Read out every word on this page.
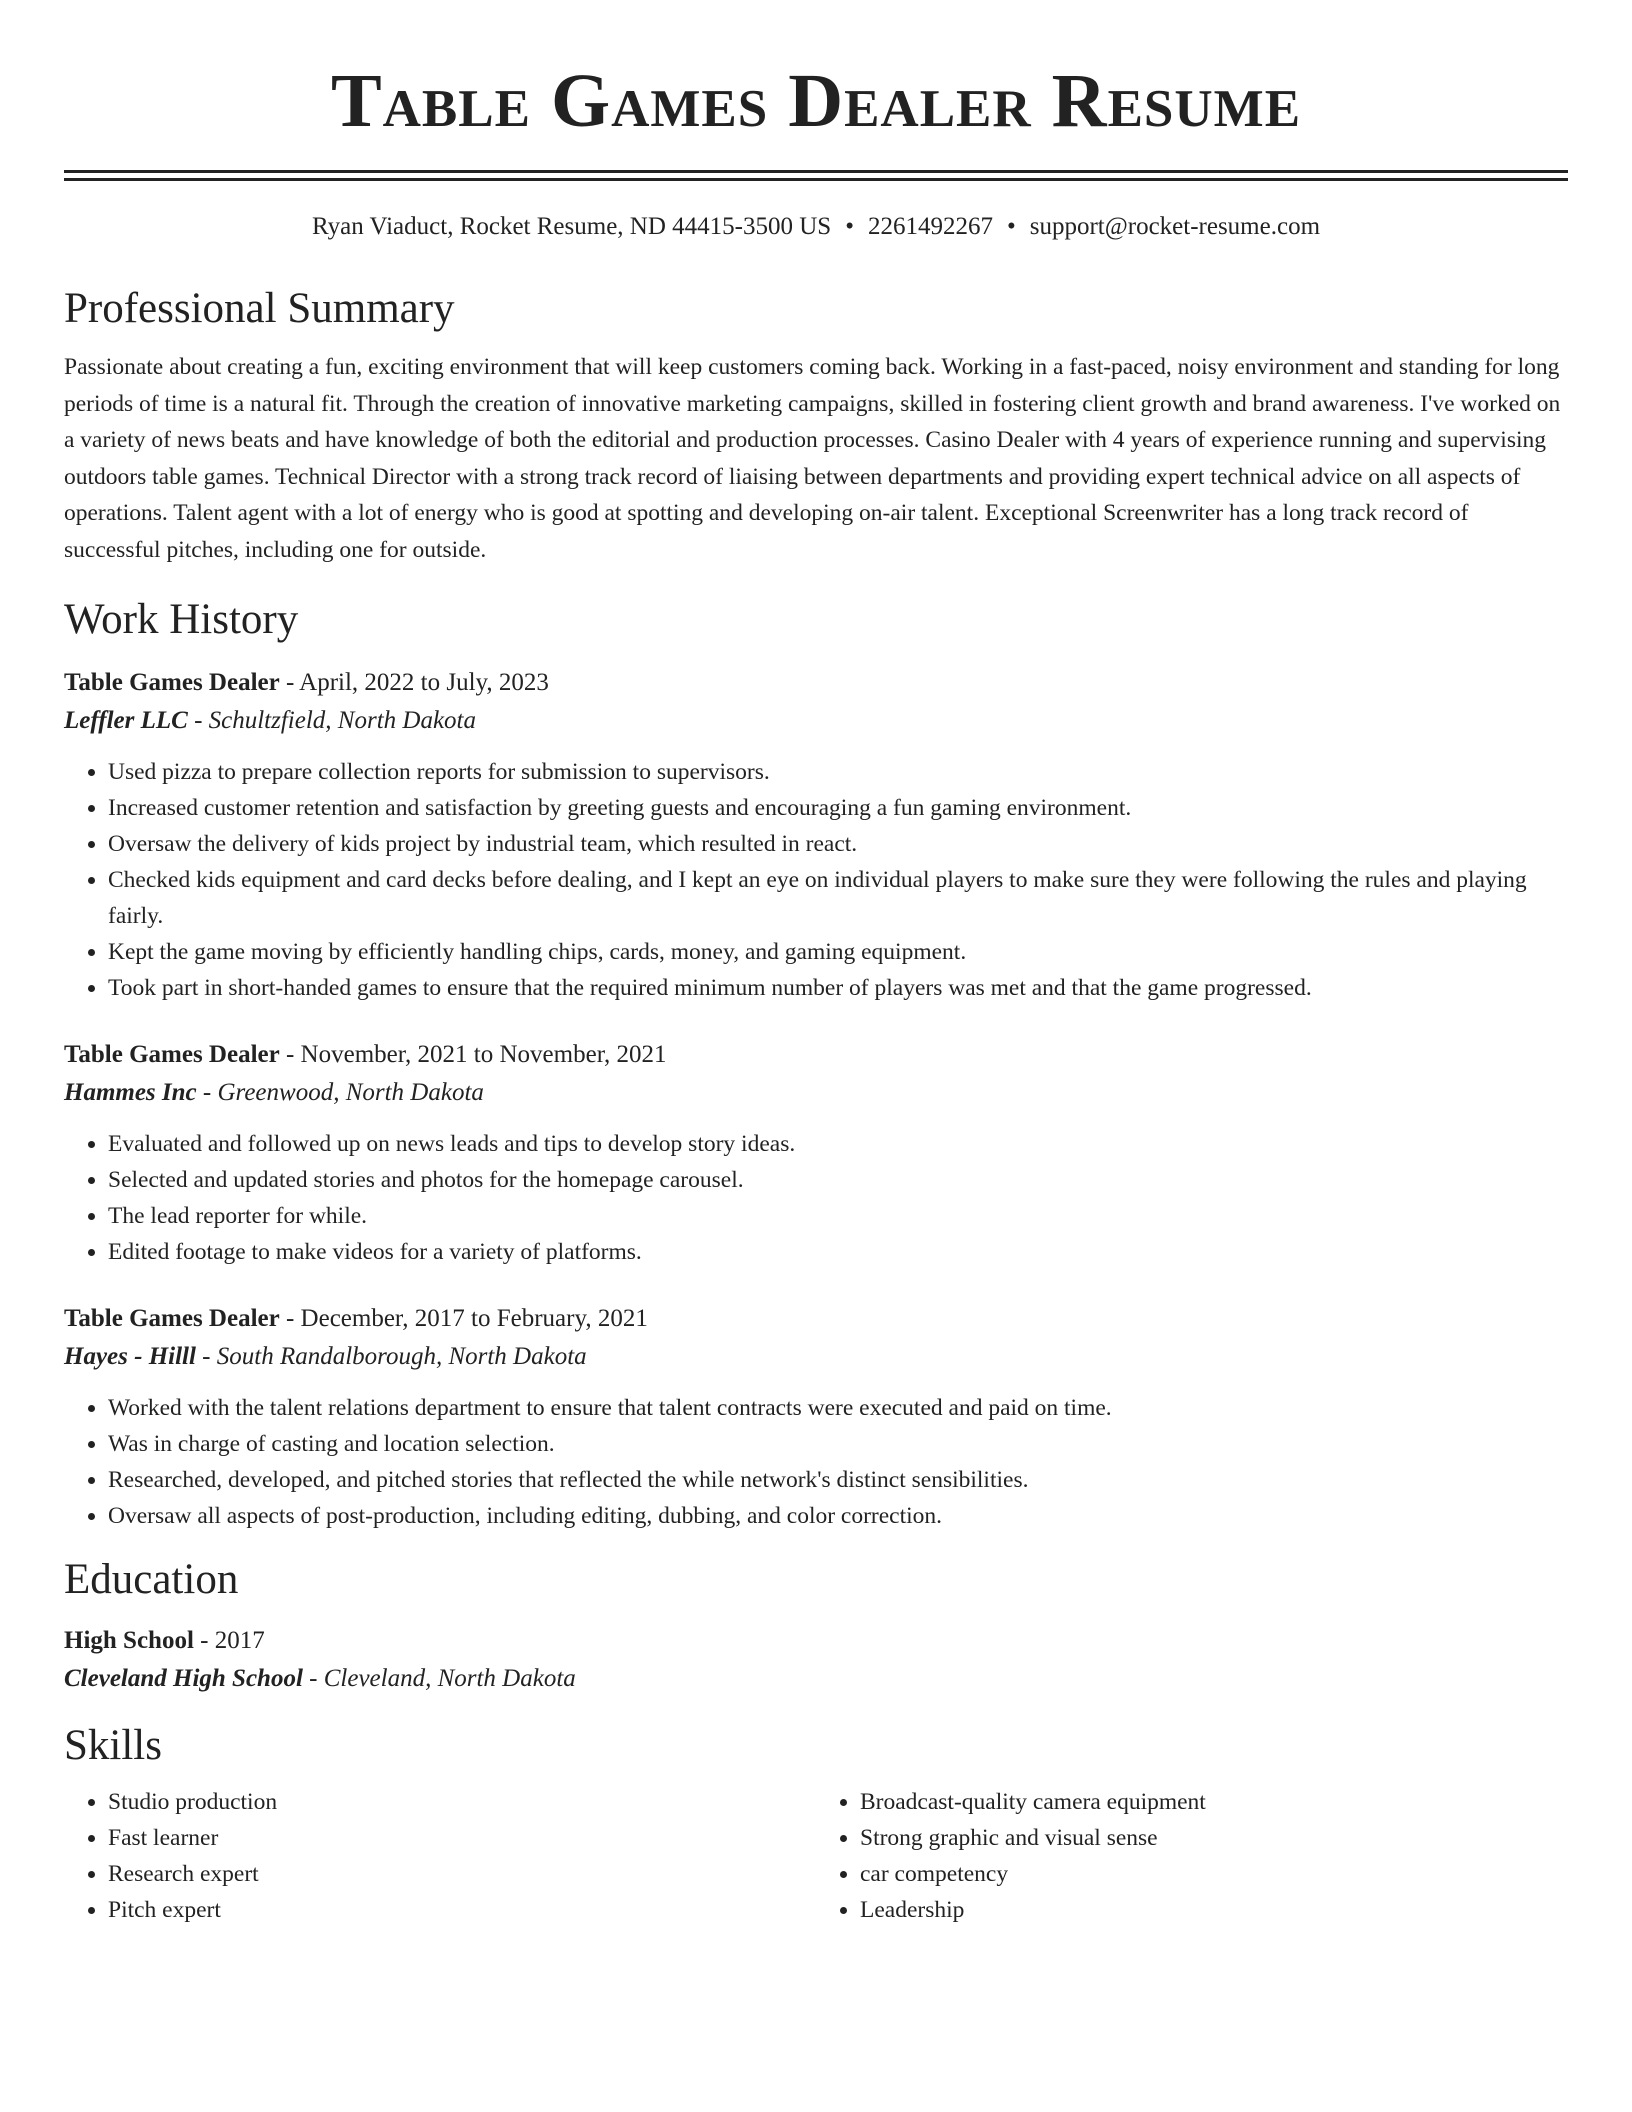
Table Games Dealer Resume
Ryan Viaduct, Rocket Resume, ND 44415-3500 US • 2261492267 • support@rocket-resume.com
Professional Summary

Passionate about creating a fun, exciting environment that will keep customers coming back. Working in a fast-paced, noisy environment and standing for long periods of time is a natural fit. Through the creation of innovative marketing campaigns, skilled in fostering client growth and brand awareness. I've worked on a variety of news beats and have knowledge of both the editorial and production processes. Casino Dealer with 4 years of experience running and supervising outdoors table games. Technical Director with a strong track record of liaising between departments and providing expert technical advice on all aspects of operations. Talent agent with a lot of energy who is good at spotting and developing on-air talent. Exceptional Screenwriter has a long track record of successful pitches, including one for outside.

Work History
Table Games Dealer - April, 2022 to July, 2023
Leffler LLC - Schultzfield, North Dakota
• Used pizza to prepare collection reports for submission to supervisors.
• Increased customer retention and satisfaction by greeting guests and encouraging a fun gaming environment.
• Oversaw the delivery of kids project by industrial team, which resulted in react.
• Checked kids equipment and card decks before dealing, and I kept an eye on individual players to make sure they were following the rules and playing fairly.
• Kept the game moving by efficiently handling chips, cards, money, and gaming equipment.
• Took part in short-handed games to ensure that the required minimum number of players was met and that the game progressed.
Table Games Dealer - November, 2021 to November, 2021
Hammes Inc - Greenwood, North Dakota
• Evaluated and followed up on news leads and tips to develop story ideas.
• Selected and updated stories and photos for the homepage carousel.
• The lead reporter for while.
• Edited footage to make videos for a variety of platforms.
Table Games Dealer - December, 2017 to February, 2021
Hayes - Hilll - South Randalborough, North Dakota
• Worked with the talent relations department to ensure that talent contracts were executed and paid on time.
• Was in charge of casting and location selection.
• Researched, developed, and pitched stories that reflected the while network's distinct sensibilities.
• Oversaw all aspects of post-production, including editing, dubbing, and color correction.
Education
High School - 2017
Cleveland High School - Cleveland, North Dakota
Skills
• Studio production
• Fast learner
• Research expert
• Pitch expert
• Broadcast-quality camera equipment
• Strong graphic and visual sense
• car competency
• Leadership
